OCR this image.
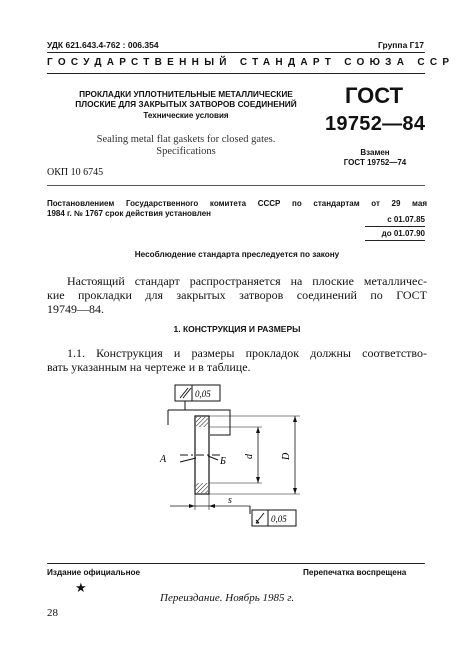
УДК 621.643.4-762 : 006.354	Группа Г17
ГОСУДАРСТВЕННЫЙ СТАНДАРТ СОЮЗА ССР
ПРОКЛАДКИ УПЛОТНИТЕЛЬНЫЕ МЕТАЛЛИЧЕСКИЕ
ПЛОСКИЕ ДЛЯ ЗАКРЫТЫХ ЗАТВОРОВ СОЕДИНЕНИЙ
Технические условия
Sealing metal flat gaskets for closed gates.
Specifications
ГОСТ
19752—84
Взамен
ГОСТ 19752—74
ОКП 10 6745
Постановлением Государственного комитета СССР по стандартам от 29 мая
1984 г. № 1767 срок действия установлен
с 01.07.85
до 01.07.90
Несоблюдение стандарта преследуется по закону
Настоящий стандарт распространяется на плоские металличес-
кие прокладки для закрытых затворов соединений по ГОСТ
19749—84.
1. КОНСТРУКЦИЯ И РАЗМЕРЫ
1.1. Конструкция и размеры прокладок должны соответство-
вать указанным на чертеже и в таблице.
0,05
А	Б d	D
s
0,05
Издание официальное	Перепечатка воспрещена
★
28
Переиздание. Ноябрь 1985 г.
